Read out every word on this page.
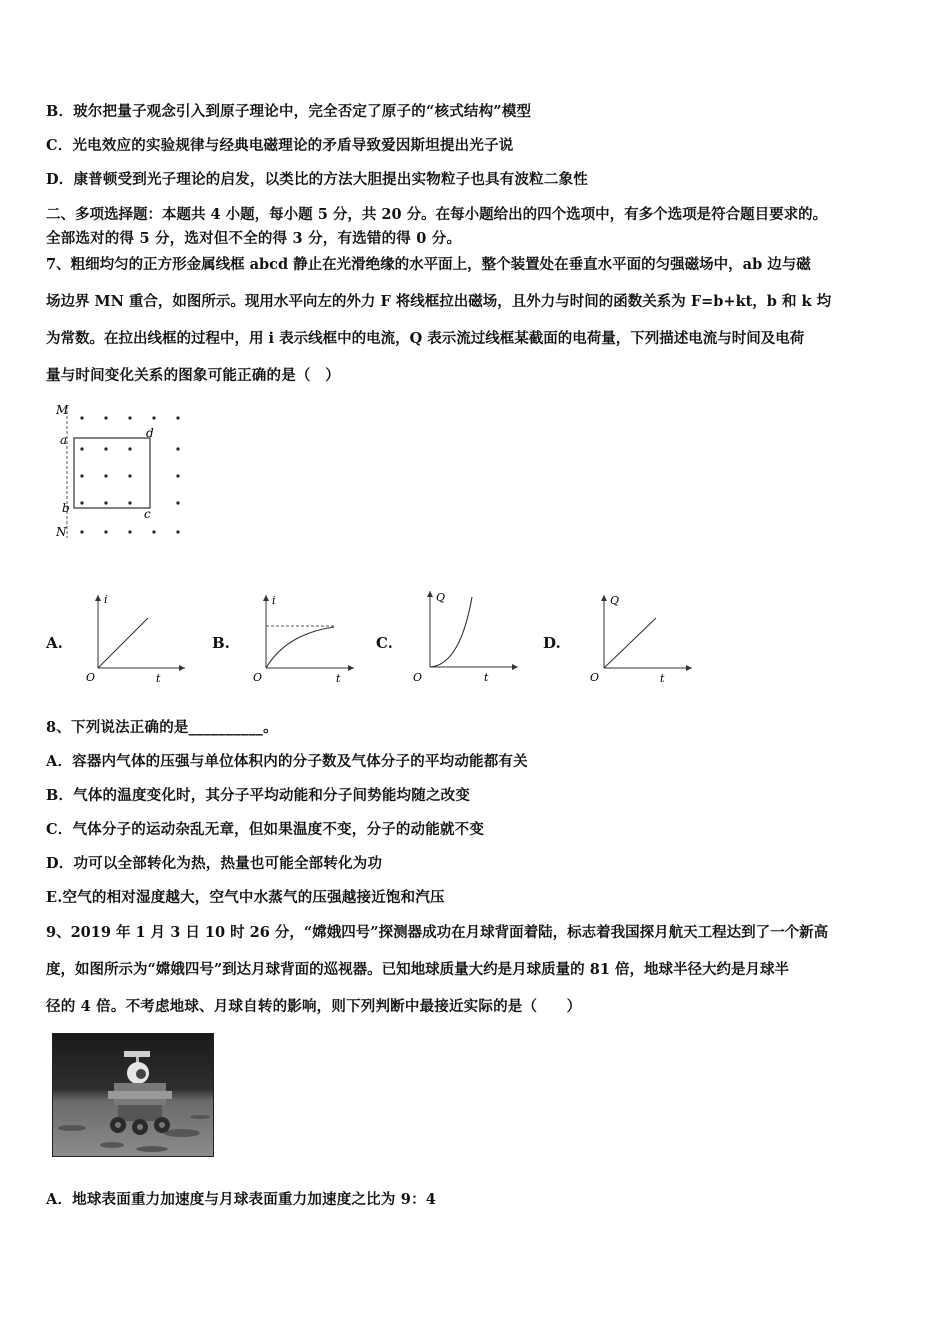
B．玻尔把量子观念引入到原子理论中，完全否定了原子的“核式结构”模型
C．光电效应的实验规律与经典电磁理论的矛盾导致爱因斯坦提出光子说
D．康普顿受到光子理论的启发，以类比的方法大胆提出实物粒子也具有波粒二象性
二、多项选择题：本题共 4 小题，每小题 5 分，共 20 分。在每小题给出的四个选项中，有多个选项是符合题目要求的。
全部选对的得 5 分，选对但不全的得 3 分，有选错的得 0 分。
7、粗细均匀的正方形金属线框 abcd 静止在光滑绝缘的水平面上，整个装置处在垂直水平面的匀强磁场中，ab 边与磁
场边界 MN 重合，如图所示。现用水平向左的外力 F 将线框拉出磁场，且外力与时间的函数关系为 F=b+kt，b 和 k 均
为常数。在拉出线框的过程中，用 i 表示线框中的电流，Q 表示流过线框某截面的电荷量，下列描述电流与时间及电荷
量与时间变化关系的图象可能正确的是（　）
M
a	d
b	c
N
A.
i
t
O
B.
i
t
O
C.
Q
t
O
D.
Q
t
O
8、下列说法正确的是__________。
A．容器内气体的压强与单位体积内的分子数及气体分子的平均动能都有关
B．气体的温度变化时，其分子平均动能和分子间势能均随之改变
C．气体分子的运动杂乱无章，但如果温度不变，分子的动能就不变
D．功可以全部转化为热，热量也可能全部转化为功
E.空气的相对湿度越大，空气中水蒸气的压强越接近饱和汽压
9、2019 年 1 月 3 日 10 时 26 分，“嫦娥四号”探测器成功在月球背面着陆，标志着我国探月航天工程达到了一个新高
度，如图所示为“嫦娥四号”到达月球背面的巡视器。已知地球质量大约是月球质量的 81 倍，地球半径大约是月球半
径的 4 倍。不考虑地球、月球自转的影响，则下列判断中最接近实际的是（　　）
A．地球表面重力加速度与月球表面重力加速度之比为 9：4
